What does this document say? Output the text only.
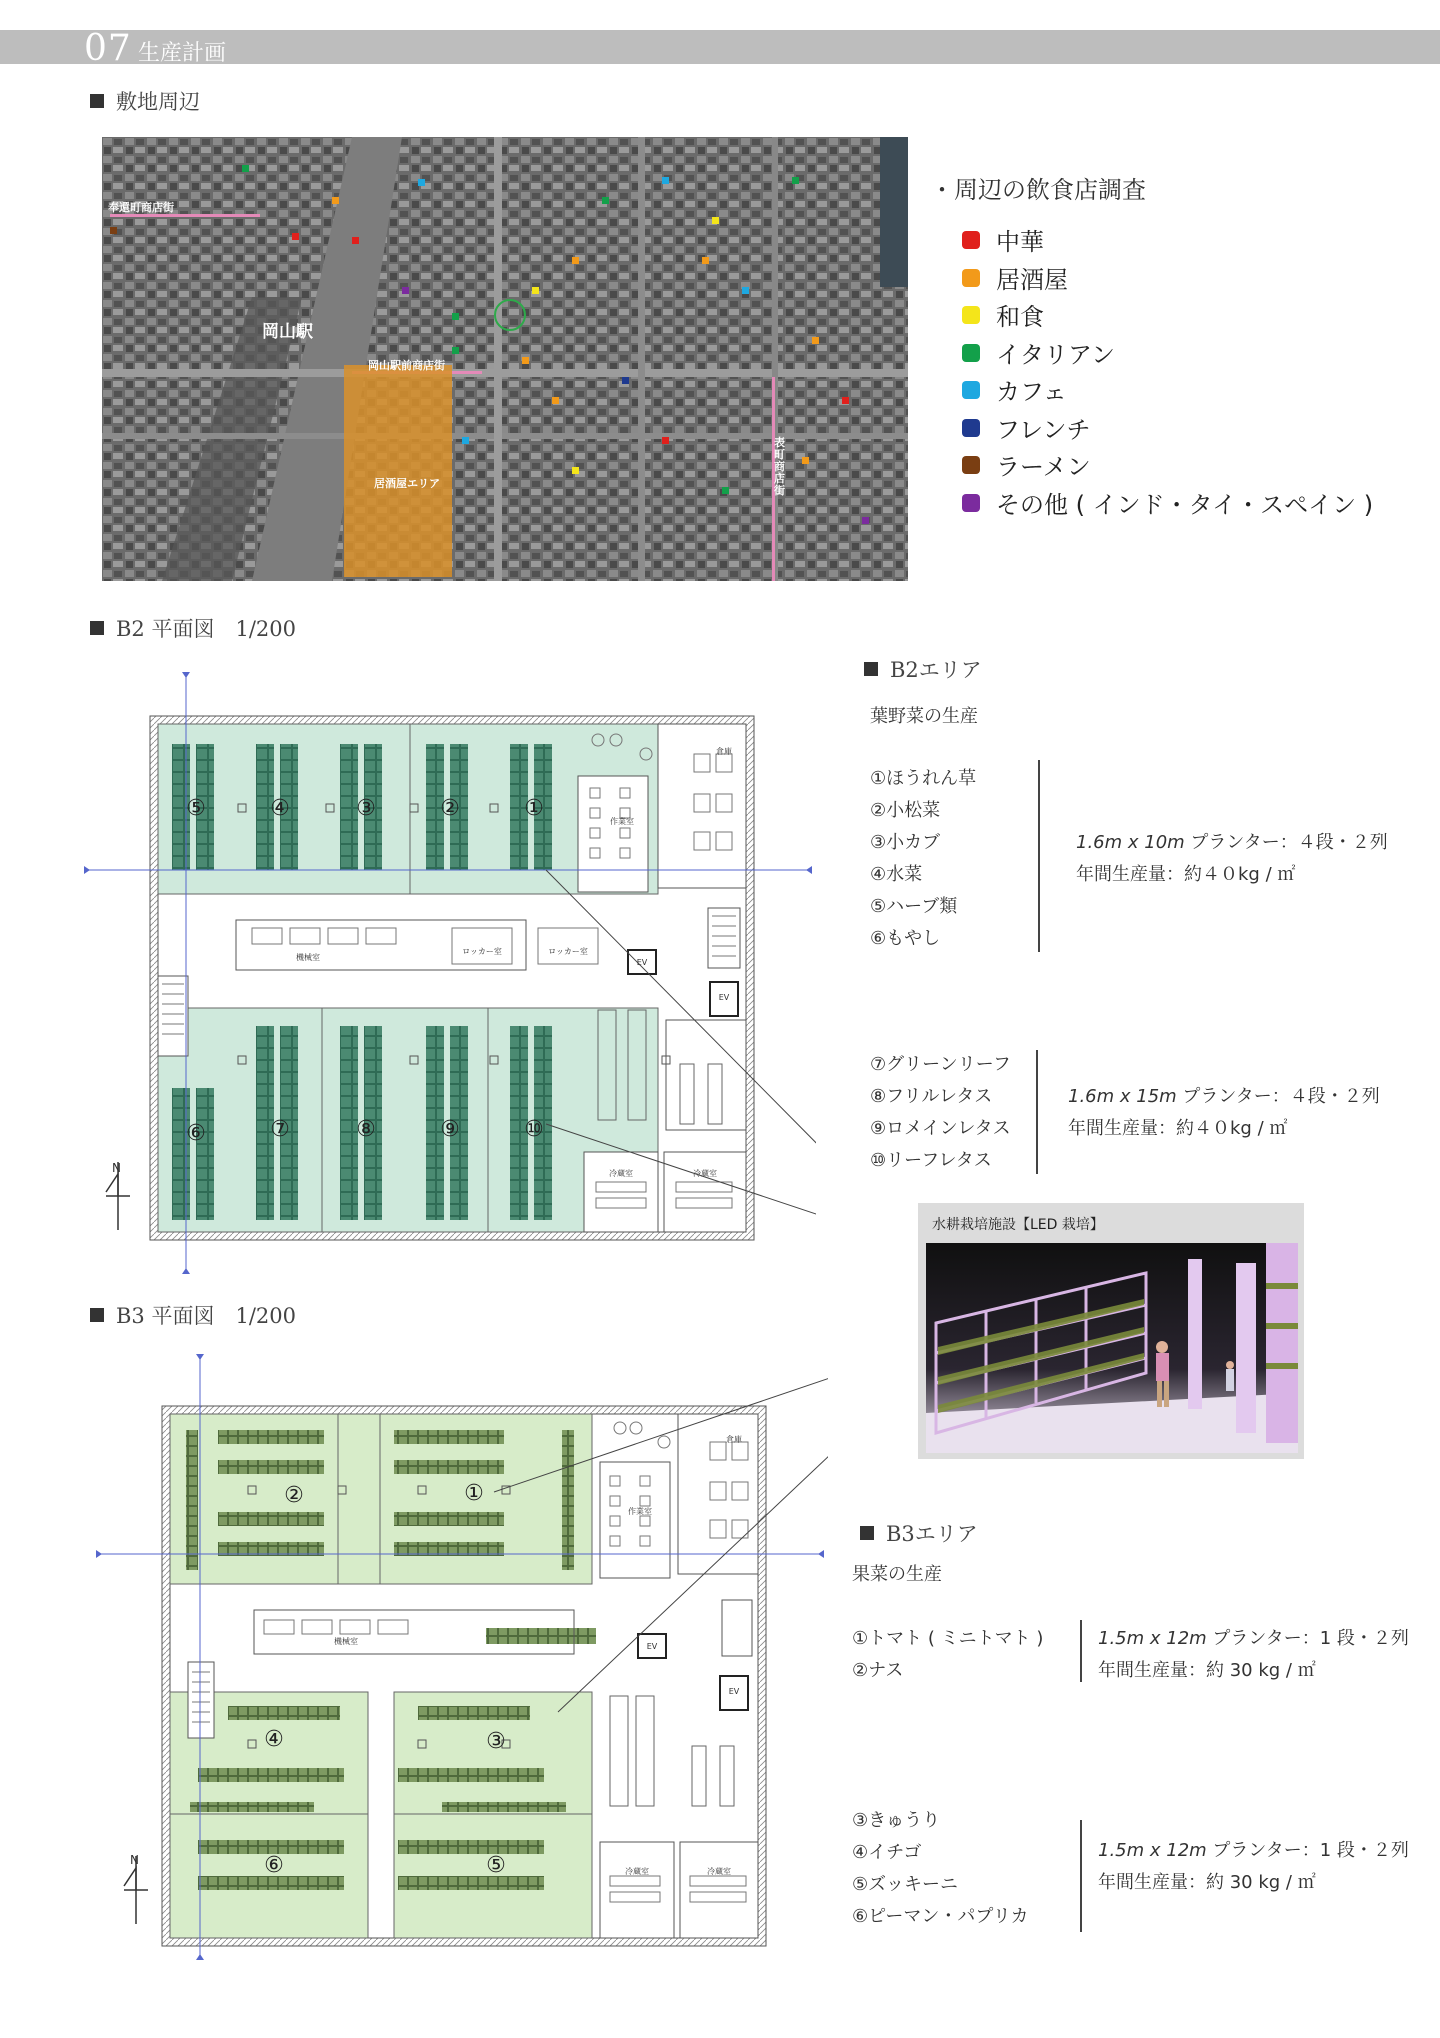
07 生産計画
敷地周辺
奉還町商店街
岡山駅
岡山駅前商店街
居酒屋エリア
表町商店街
・周辺の飲食店調査
中華
居酒屋
和食
イタリアン
カフェ
フレンチ
ラーメン
その他 ( インド・タイ・スペイン )
B2 平面図　1/200
N
⑤	④	③	②	①
⑥	⑦	⑧	⑨	⑩
倉庫
作業室
機械室
ロッカー室	ロッカー室
EV
EV
冷蔵室	冷蔵室
B2エリア
葉野菜の生産
①ほうれん草
②小松菜
③小カブ
④水菜
⑤ハーブ類
⑥もやし
1.6m x 10m プランター：４段・２列
年間生産量：約４０kg / ㎡
⑦グリーンリーフ
⑧フリルレタス
⑨ロメインレタス
⑩リーフレタス
1.6m x 15m プランター：４段・２列
年間生産量：約４０kg / ㎡
水耕栽培施設【LED 栽培】
B3 平面図　1/200
N
①
②
③
④
⑤
⑥
倉庫
作業室
機械室
EV
EV
冷蔵室	冷蔵室
B3エリア
果菜の生産
①トマト ( ミニトマト )
②ナス
1.5m x 12m プランター：1 段・２列
年間生産量：約 30 kg / ㎡
③きゅうり
④イチゴ
⑤ズッキーニ
⑥ピーマン・パプリカ
1.5m x 12m プランター：1 段・２列
年間生産量：約 30 kg / ㎡
